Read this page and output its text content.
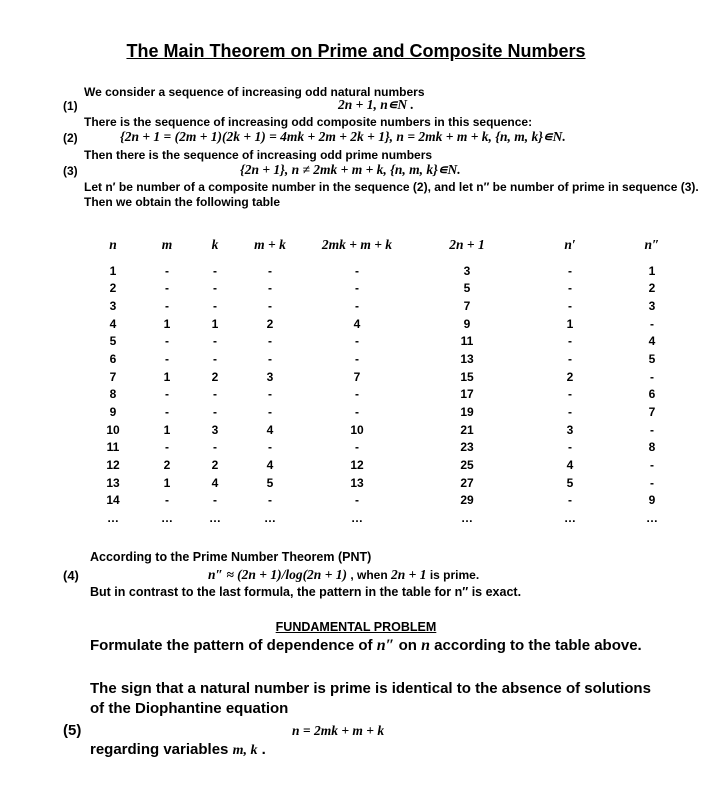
The Main Theorem on Prime and Composite Numbers
We consider a sequence of increasing odd natural numbers
(1)	2n + 1, n∊N .
There is the sequence of increasing odd composite numbers in this sequence:
(2)	{2n + 1 = (2m + 1)(2k + 1) = 4mk + 2m + 2k + 1}, n = 2mk + m + k, {n, m, k}∊N.
Then there is the sequence of increasing odd prime numbers
(3)	{2n + 1}, n ≠ 2mk + m + k, {n, m, k}∊N.
Let n′ be number of a composite number in the sequence (2), and let n″ be number of prime in sequence (3).
Then we obtain the following table
n	m	k	m + k	2mk + m + k	2n + 1	n′	n″
1	-	-	-	-	3	-	1
2	-	-	-	-	5	-	2
3	-	-	-	-	7	-	3
4	1	1	2	4	9	1	-
5	-	-	-	-	11	-	4
6	-	-	-	-	13	-	5
7	1	2	3	7	15	2	-
8	-	-	-	-	17	-	6
9	-	-	-	-	19	-	7
10	1	3	4	10	21	3	-
11	-	-	-	-	23	-	8
12	2	2	4	12	25	4	-
13	1	4	5	13	27	5	-
14	-	-	-	-	29	-	9
…	…	…	…	…	…	…	…
According to the Prime Number Theorem (PNT)
(4)	n″ ≈ (2n + 1)/log(2n + 1) , when 2n + 1 is prime.
But in contrast to the last formula, the pattern in the table for n″ is exact.
FUNDAMENTAL PROBLEM
Formulate the pattern of dependence of n″ on n according to the table above.
The sign that a natural number is prime is identical to the absence of solutions
of the Diophantine equation
(5)	n = 2mk + m + k
regarding variables m, k .
